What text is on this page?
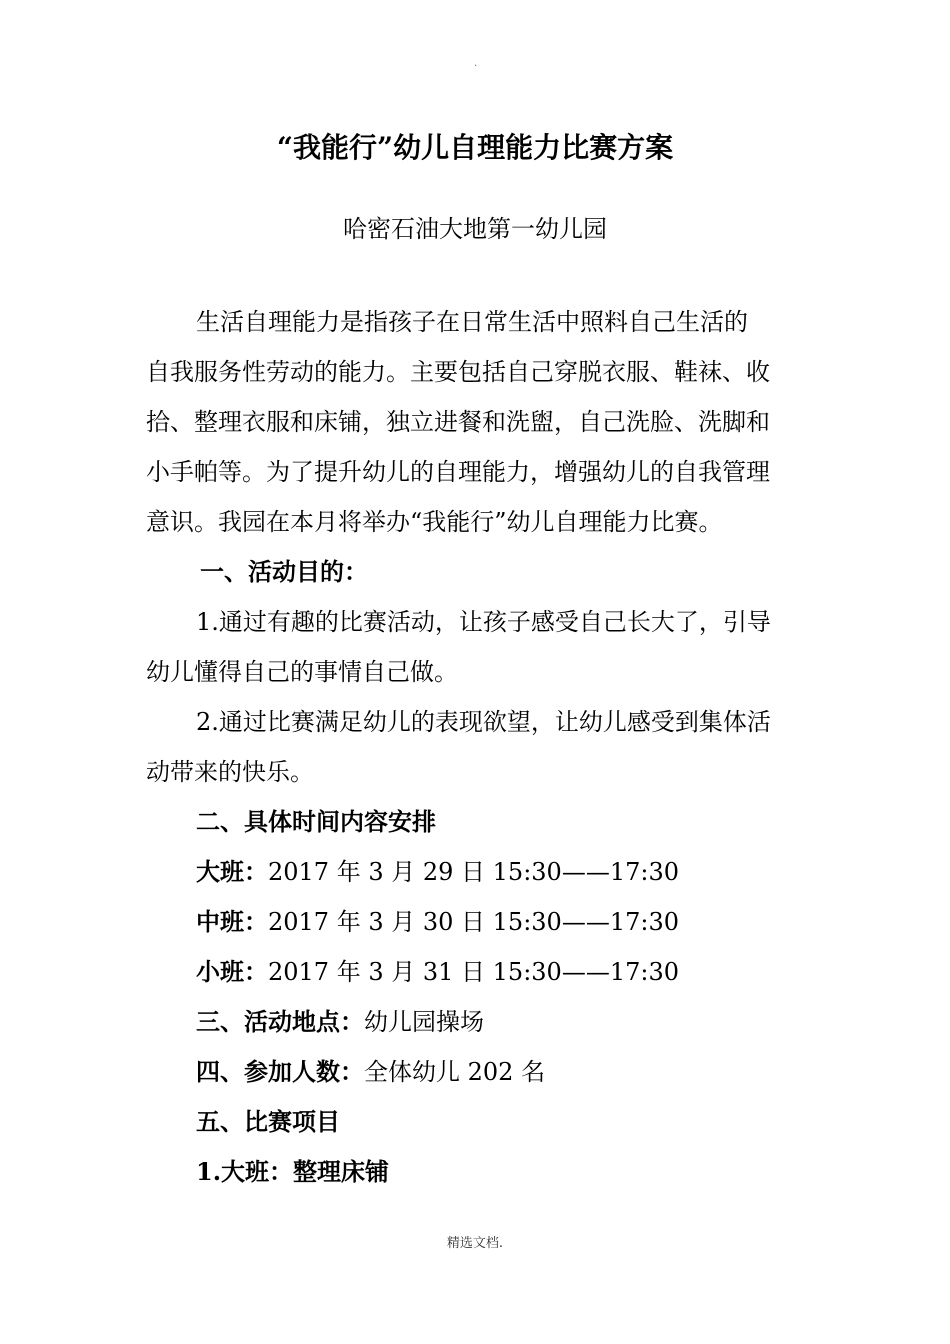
.
“我能行”幼儿自理能力比赛方案
哈密石油大地第一幼儿园
生活自理能力是指孩子在日常生活中照料自己生活的
自我服务性劳动的能力。主要包括自己穿脱衣服、鞋袜、收
拾、整理衣服和床铺，独立进餐和洗盥，自己洗脸、洗脚和
小手帕等。为了提升幼儿的自理能力，增强幼儿的自我管理
意识。我园在本月将举办“我能行”幼儿自理能力比赛。
一、活动目的：
1.通过有趣的比赛活动，让孩子感受自己长大了，引导
幼儿懂得自己的事情自己做。
2.通过比赛满足幼儿的表现欲望，让幼儿感受到集体活
动带来的快乐。
二、具体时间内容安排
大班：2017 年 3 月 29 日 15:30——17:30
中班：2017 年 3 月 30 日 15:30——17:30
小班：2017 年 3 月 31 日 15:30——17:30
三、活动地点：幼儿园操场
四、参加人数：全体幼儿 202 名
五、比赛项目
1.大班：整理床铺
精选文档.
